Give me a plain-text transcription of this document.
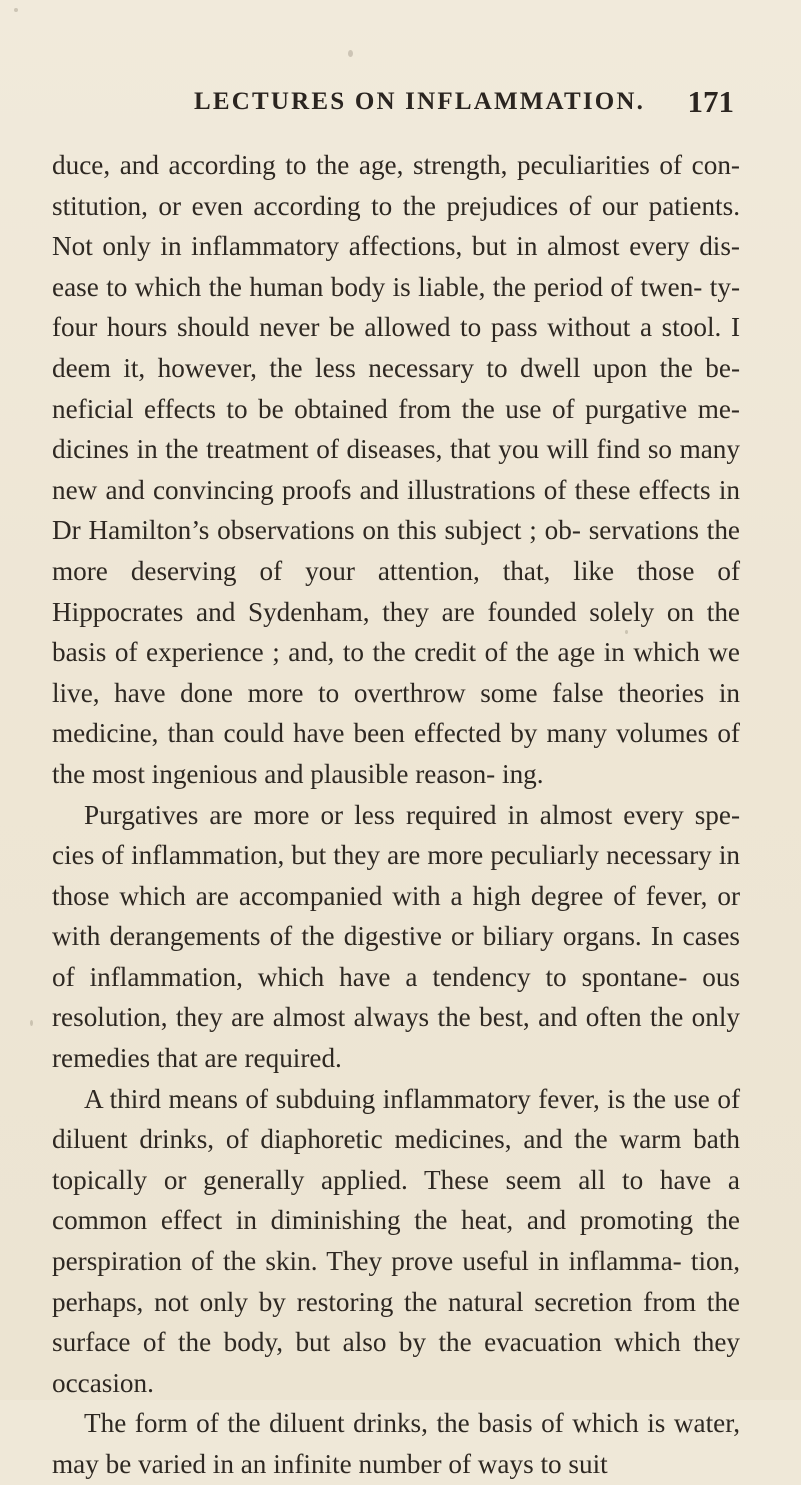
LECTURES ON INFLAMMATION. 171

duce, and according to the age, strength, peculiarities of con- stitution, or even according to the prejudices of our patients. Not only in inflammatory affections, but in almost every dis- ease to which the human body is liable, the period of twen- ty-four hours should never be allowed to pass without a stool. I deem it, however, the less necessary to dwell upon the be- neficial effects to be obtained from the use of purgative me- dicines in the treatment of diseases, that you will find so many new and convincing proofs and illustrations of these effects in Dr Hamilton’s observations on this subject ; ob- servations the more deserving of your attention, that, like those of Hippocrates and Sydenham, they are founded solely on the basis of experience ; and, to the credit of the age in which we live, have done more to overthrow some false theories in medicine, than could have been effected by many volumes of the most ingenious and plausible reason- ing.

Purgatives are more or less required in almost every spe- cies of inflammation, but they are more peculiarly necessary in those which are accompanied with a high degree of fever, or with derangements of the digestive or biliary organs. In cases of inflammation, which have a tendency to spontane- ous resolution, they are almost always the best, and often the only remedies that are required.

A third means of subduing inflammatory fever, is the use of diluent drinks, of diaphoretic medicines, and the warm bath topically or generally applied. These seem all to have a common effect in diminishing the heat, and promoting the perspiration of the skin. They prove useful in inflamma- tion, perhaps, not only by restoring the natural secretion from the surface of the body, but also by the evacuation which they occasion.

The form of the diluent drinks, the basis of which is water, may be varied in an infinite number of ways to suit
